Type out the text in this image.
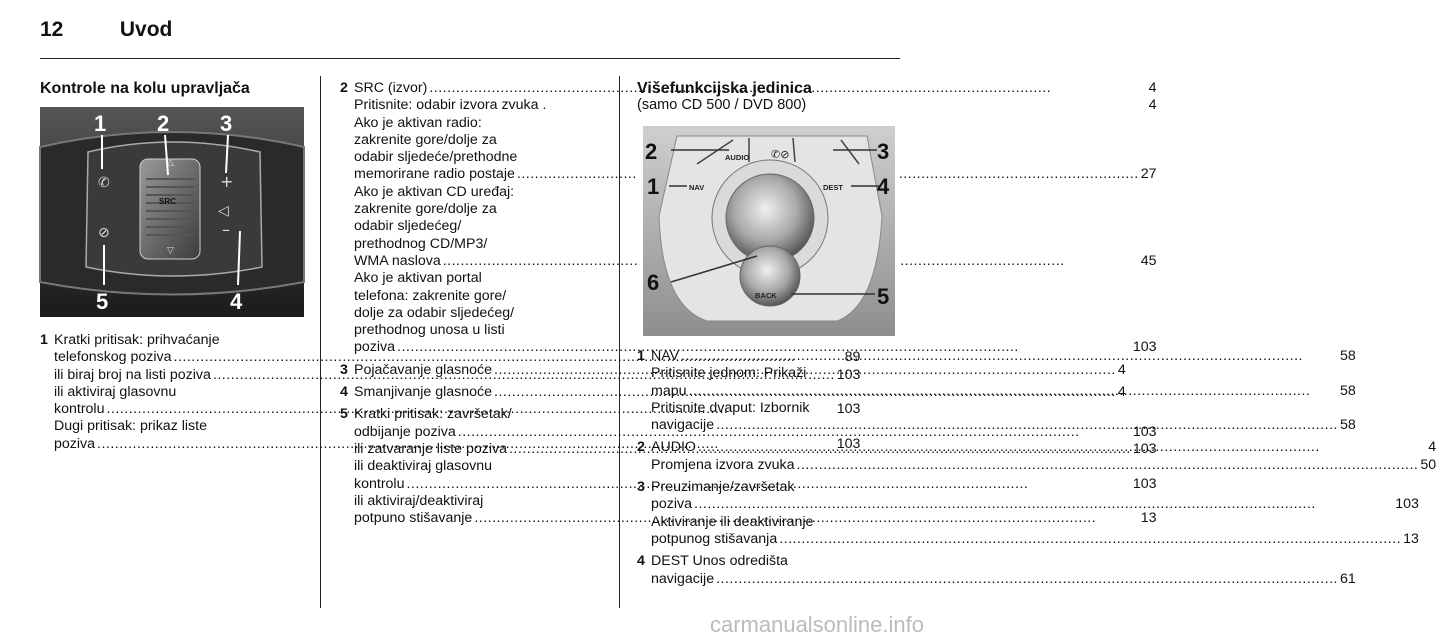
12	Uvod
Kontrole na kolu upravljača
SRC
△
▽
✆
⊘
+
◁
–
1 2 3
4
5
1 Kratki pritisak: prihvaćanje
telefonskog poziva .....	89
ili biraj broj na listi poziva .....	103
ili aktiviraj glasovnu
kontrolu .....	103
Dugi pritisak: prikaz liste
poziva .....	103
2 SRC (izvor) .....	4
Pritisnite: odabir izvora zvuka .	4
Ako je aktivan radio:
zakrenite gore/dolje za
odabir sljedeće/prethodne
memorirane radio postaje .....	27
Ako je aktivan CD uređaj:
zakrenite gore/dolje za
odabir sljedećeg/
prethodnog CD/MP3/
WMA naslova .....	45
Ako je aktivan portal
telefona: zakrenite gore/
dolje za odabir sljedećeg/
prethodnog unosa u listi
poziva .....	103
3 Pojačavanje glasnoće .....	4
4 Smanjivanje glasnoće .....	4
5 Kratki pritisak: završetak/
odbijanje poziva .....	103
ili zatvaranje liste poziva .....	103
ili deaktiviraj glasovnu
kontrolu .....	103
ili aktiviraj/deaktiviraj
potpuno stišavanje .....	13
Višefunkcijska jedinica
(samo CD 500 / DVD 800)
AUDIO
NAV	DEST
BACK
✆⊘
2	3
1	4
6
5
1 NAV .....	58
Pritisnite jednom: Prikaži
mapu .....	58
Pritisnite dvaput: Izbornik
navigacije .....	58
2 AUDIO .....	4
Promjena izvora zvuka .....	50
3 Preuzimanje/završetak
poziva .....	103
Aktiviranje ili deaktiviranje
potpunog stišavanja .....	13
4 DEST Unos odredišta
navigacije .....	61
carmanualsonline.info
